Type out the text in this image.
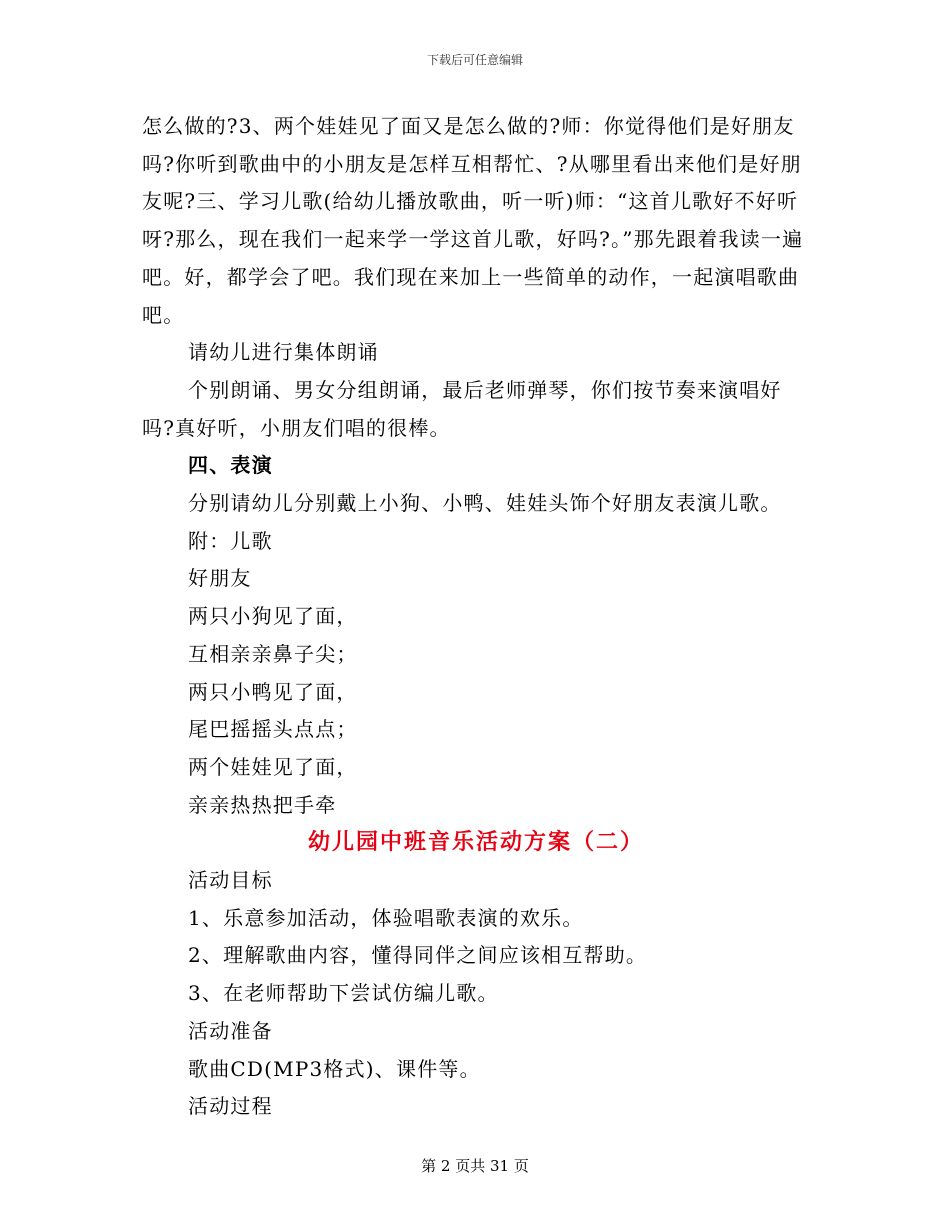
下载后可任意编辑

怎么做的?3、两个娃娃见了面又是怎么做的?师：你觉得他们是好朋友吗?你听到歌曲中的小朋友是怎样互相帮忙、?从哪里看出来他们是好朋友呢?三、学习儿歌(给幼儿播放歌曲，听一听)师：“这首儿歌好不好听呀?那么，现在我们一起来学一学这首儿歌，好吗?。”那先跟着我读一遍吧。好，都学会了吧。我们现在来加上一些简单的动作，一起演唱歌曲吧。

请幼儿进行集体朗诵

个别朗诵、男女分组朗诵，最后老师弹琴，你们按节奏来演唱好吗?真好听，小朋友们唱的很棒。

四、表演

分别请幼儿分别戴上小狗、小鸭、娃娃头饰个好朋友表演儿歌。

附：儿歌

好朋友

两只小狗见了面，

互相亲亲鼻子尖；

两只小鸭见了面，

尾巴摇摇头点点；

两个娃娃见了面，

亲亲热热把手牵

幼儿园中班音乐活动方案（二）

活动目标

1、乐意参加活动，体验唱歌表演的欢乐。

2、理解歌曲内容，懂得同伴之间应该相互帮助。

3、在老师帮助下尝试仿编儿歌。

活动准备

歌曲CD(MP3格式)、课件等。

活动过程

第 2 页共 31 页
